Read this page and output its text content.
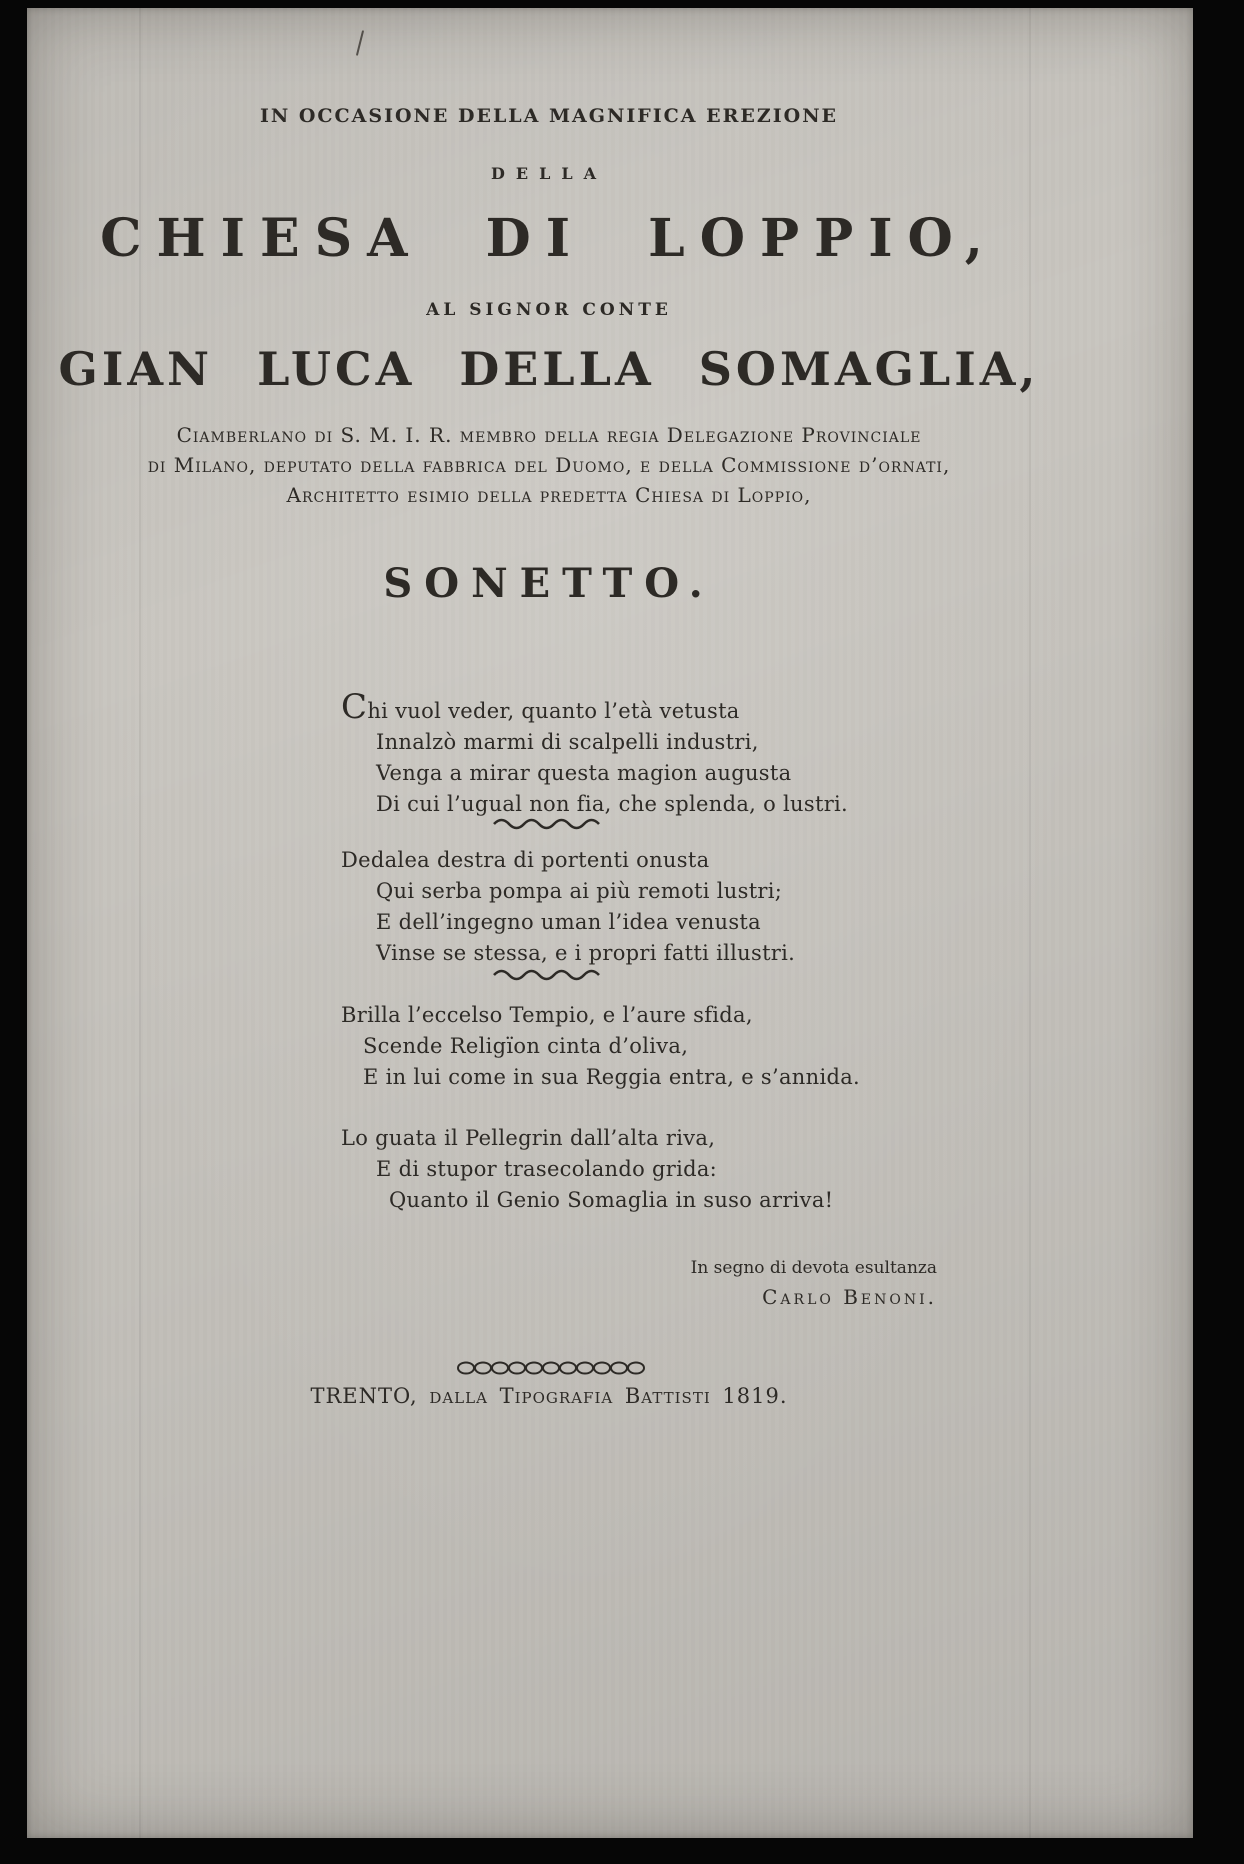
IN OCCASIONE DELLA MAGNIFICA EREZIONE
DELLA
CHIESA DI LOPPIO,
AL SIGNOR CONTE
GIAN LUCA DELLA SOMAGLIA,
Ciamberlano di S. M. I. R. membro della regia Delegazione Provinciale
di Milano, deputato della fabbrica del Duomo, e della Commissione d’ornati,
Architetto esimio della predetta Chiesa di Loppio,
SONETTO.
Chi vuol veder, quanto l’età vetusta
Innalzò marmi di scalpelli industri,
Venga a mirar questa magion augusta
Di cui l’ugual non fia, che splenda, o lustri.
Dedalea destra di portenti onusta
Qui serba pompa ai più remoti lustri;
E dell’ingegno uman l’idea venusta
Vinse se stessa, e i propri fatti illustri.
Brilla l’eccelso Tempio, e l’aure sfida,
Scende Religïon cinta d’oliva,
E in lui come in sua Reggia entra, e s’annida.
Lo guata il Pellegrin dall’alta riva,
E di stupor trasecolando grida:
Quanto il Genio Somaglia in suso arriva!
In segno di devota esultanza
Carlo Benoni.
TRENTO, dalla Tipografia Battisti 1819.
